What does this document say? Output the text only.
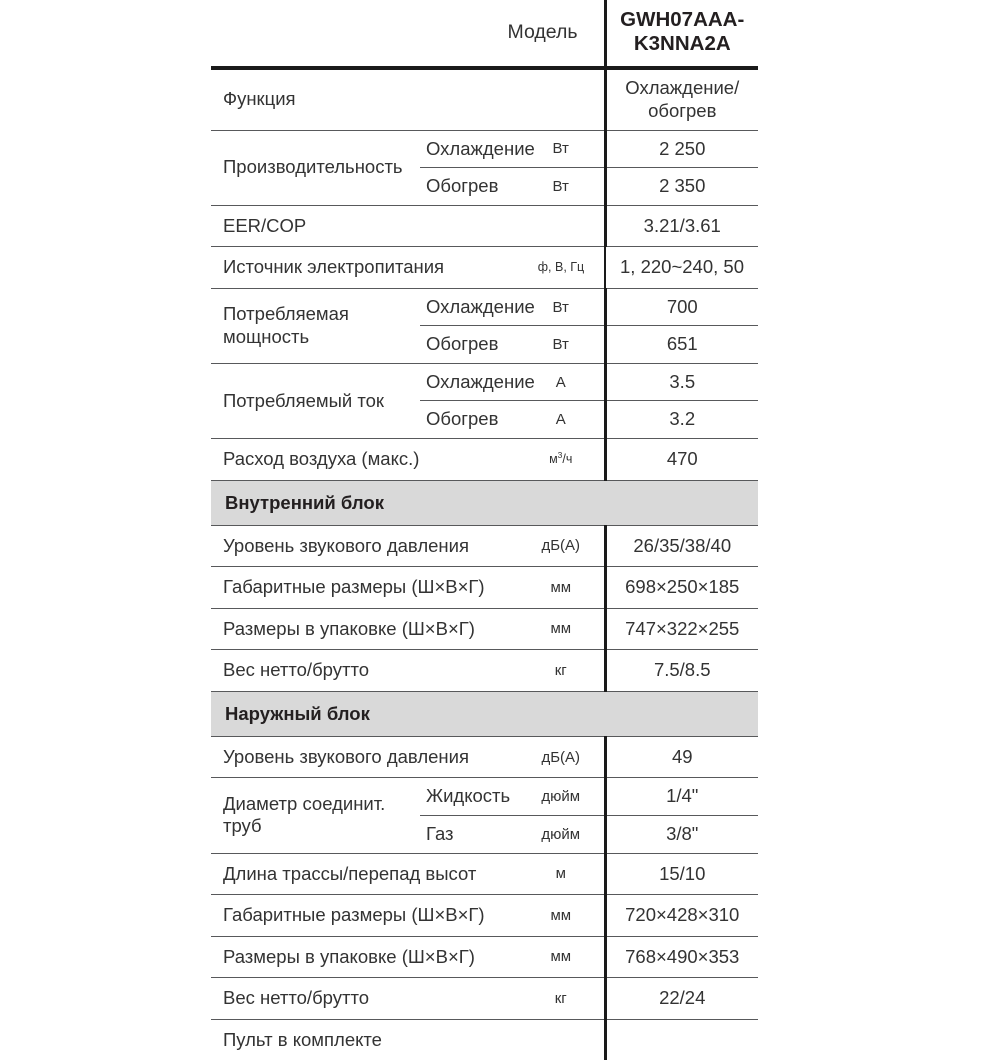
Модель			GWH07AAA-
K3NNA2A
Функция			Охлаждение/
обогрев
Производительность	Охлаждение	Вт	2 250
	Обогрев	Вт	2 350
EER/COP			3.21/3.61
Источник электропитания		ф, В, Гц	1, 220~240, 50
Потребляемая
мощность	Охлаждение	Вт	700
	Обогрев	Вт	651
Потребляемый ток	Охлаждение	А	3.5
	Обогрев	А	3.2
Расход воздуха (макс.)		$м^3/ч$	470
Внутренний блок			
Уровень звукового давления		дБ(А)	26/35/38/40
Габаритные размеры (Ш×В×Г)		мм	698×250×185
Размеры в упаковке (Ш×В×Г)		мм	747×322×255
Вес нетто/брутто		кг	7.5/8.5
Наружный блок			
Уровень звукового давления		дБ(А)	49
Диаметр соединит.
труб	Жидкость	дюйм	1/4"
	Газ	дюйм	3/8"
Длина трассы/перепад высот		м	15/10
Габаритные размеры (Ш×В×Г)		мм	720×428×310
Размеры в упаковке (Ш×В×Г)		мм	768×490×353
Вес нетто/брутто		кг	22/24
Пульт в комплекте			
